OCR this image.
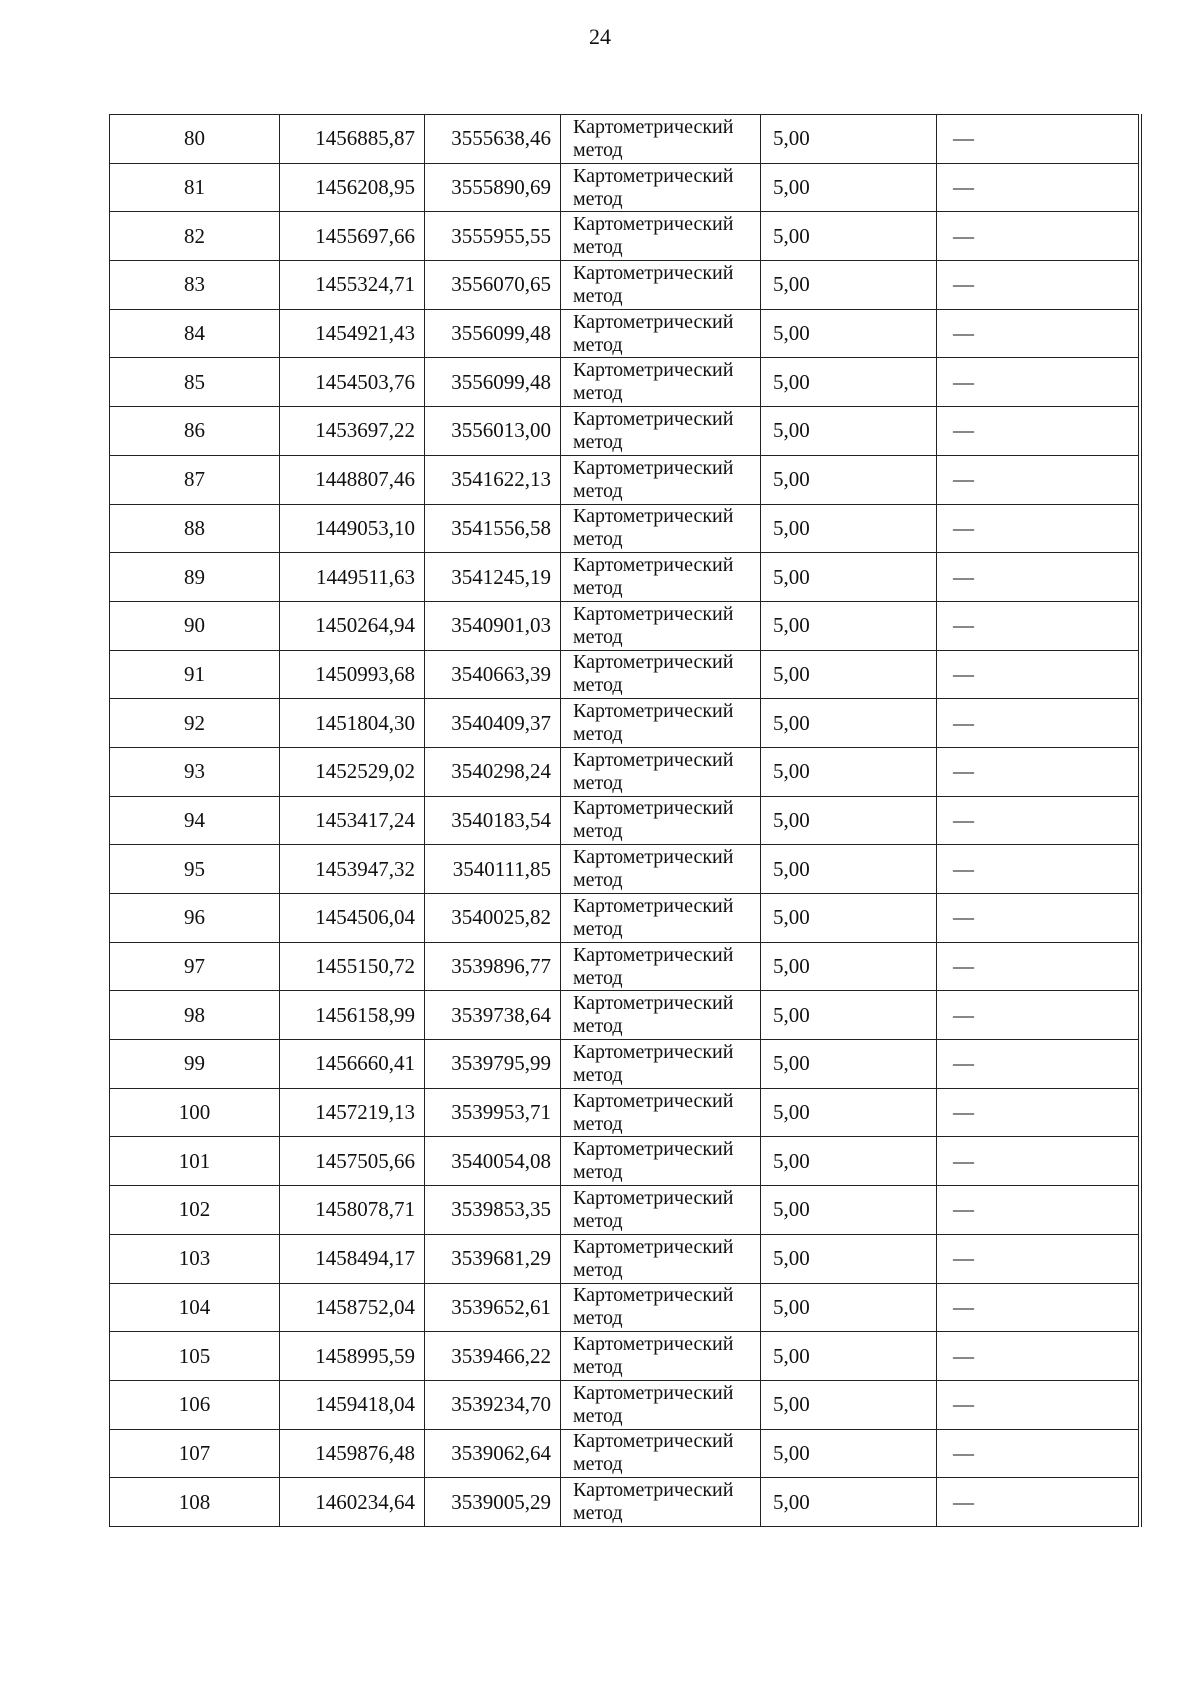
24
80	1456885,87	3555638,46	Картометрический
метод	5,00	—
81	1456208,95	3555890,69	Картометрический
метод	5,00	—
82	1455697,66	3555955,55	Картометрический
метод	5,00	—
83	1455324,71	3556070,65	Картометрический
метод	5,00	—
84	1454921,43	3556099,48	Картометрический
метод	5,00	—
85	1454503,76	3556099,48	Картометрический
метод	5,00	—
86	1453697,22	3556013,00	Картометрический
метод	5,00	—
87	1448807,46	3541622,13	Картометрический
метод	5,00	—
88	1449053,10	3541556,58	Картометрический
метод	5,00	—
89	1449511,63	3541245,19	Картометрический
метод	5,00	—
90	1450264,94	3540901,03	Картометрический
метод	5,00	—
91	1450993,68	3540663,39	Картометрический
метод	5,00	—
92	1451804,30	3540409,37	Картометрический
метод	5,00	—
93	1452529,02	3540298,24	Картометрический
метод	5,00	—
94	1453417,24	3540183,54	Картометрический
метод	5,00	—
95	1453947,32	3540111,85	Картометрический
метод	5,00	—
96	1454506,04	3540025,82	Картометрический
метод	5,00	—
97	1455150,72	3539896,77	Картометрический
метод	5,00	—
98	1456158,99	3539738,64	Картометрический
метод	5,00	—
99	1456660,41	3539795,99	Картометрический
метод	5,00	—
100	1457219,13	3539953,71	Картометрический
метод	5,00	—
101	1457505,66	3540054,08	Картометрический
метод	5,00	—
102	1458078,71	3539853,35	Картометрический
метод	5,00	—
103	1458494,17	3539681,29	Картометрический
метод	5,00	—
104	1458752,04	3539652,61	Картометрический
метод	5,00	—
105	1458995,59	3539466,22	Картометрический
метод	5,00	—
106	1459418,04	3539234,70	Картометрический
метод	5,00	—
107	1459876,48	3539062,64	Картометрический
метод	5,00	—
108	1460234,64	3539005,29	Картометрический
метод	5,00	—
